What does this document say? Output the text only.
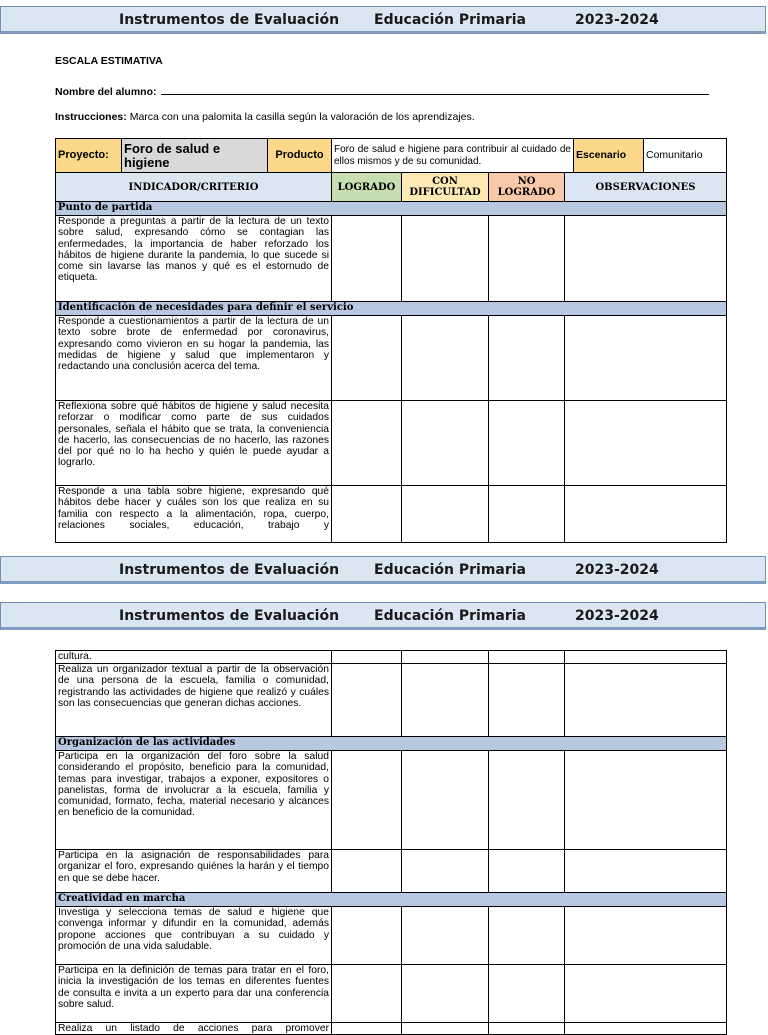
Instrumentos de Evaluación Educación Primaria	2023-2024
ESCALA ESTIMATIVA
Nombre del alumno:
Instrucciones: Marca con una palomita la casilla según la valoración de los aprendizajes.
Proyecto:	Foro de salud e higiene	Producto	Foro de salud e higiene para contribuir al cuidado de ellos mismos y de su comunidad.	Escenario	Comunitario
INDICADOR/CRITERIO	LOGRADO	CON DIFICULTAD	NO LOGRADO	OBSERVACIONES
Punto de partida				
Responde a preguntas a partir de la lectura de un texto sobre salud, expresando cómo se contagian las enfermedades, la importancia de haber reforzado los hábitos de higiene durante la pandemia, lo que sucede si come sin lavarse las manos y qué es el estornudo de etiqueta.				
Identificación de necesidades para definir el servicio				
Responde a cuestionamientos a partir de la lectura de un texto sobre brote de enfermedad por coronavirus, expresando como vivieron en su hogar la pandemia, las medidas de higiene y salud que implementaron y redactando una conclusión acerca del tema.				
Reflexiona sobre qué hábitos de higiene y salud necesita reforzar o modificar como parte de sus cuidados personales, señala el hábito que se trata, la conveniencia de hacerlo, las consecuencias de no hacerlo, las razones del por qué no lo ha hecho y quién le puede ayudar a lograrlo.				
Responde a una tabla sobre higiene, expresando qué hábitos debe hacer y cuáles son los que realiza en su familia con respecto a la alimentación, ropa, cuerpo, relaciones sociales, educación, trabajo y				
Instrumentos de Evaluación Educación Primaria	2023-2024
Instrumentos de Evaluación Educación Primaria	2023-2024
cultura.				
Realiza un organizador textual a partir de la observación de una persona de la escuela, familia o comunidad, registrando las actividades de higiene que realizó y cuáles son las consecuencias que generan dichas acciones.				
Organización de las actividades				
Participa en la organización del foro sobre la salud considerando el propósito, beneficio para la comunidad, temas para investigar, trabajos a exponer, expositores o panelistas, forma de involucrar a la escuela, familia y comunidad, formato, fecha, material necesario y alcances en beneficio de la comunidad.				
Participa en la asignación de responsabilidades para organizar el foro, expresando quiénes la harán y el tiempo en que se debe hacer.				
Creatividad en marcha				
Investiga y selecciona temas de salud e higiene que convenga informar y difundir en la comunidad, además propone acciones que contribuyan a su cuidado y promoción de una vida saludable.				
Participa en la definición de temas para tratar en el foro, inicia la investigación de los temas en diferentes fuentes de consulta e invita a un experto para dar una conferencia sobre salud.				
Realiza un listado de acciones para promover				
